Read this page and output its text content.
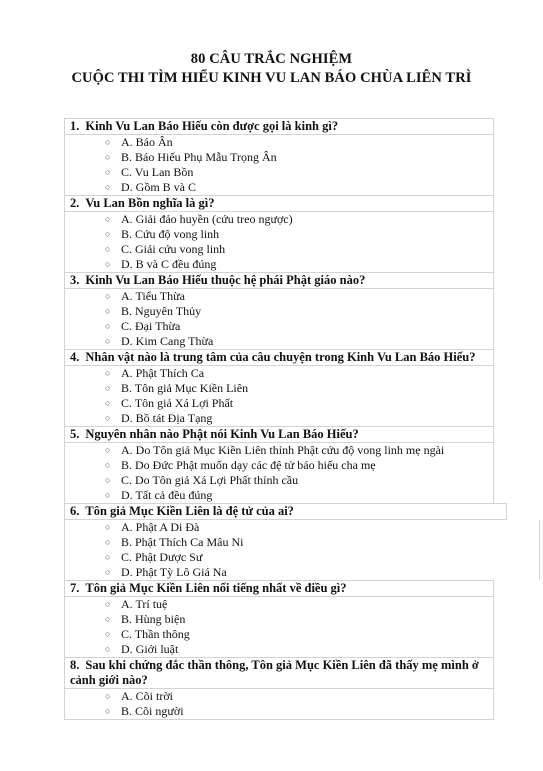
80 CÂU TRẮC NGHIỆM
CUỘC THI TÌM HIỂU KINH VU LAN BÁO CHÙA LIÊN TRÌ
1. Kinh Vu Lan Báo Hiếu còn được gọi là kinh gì?
○ A. Báo Ân
○ B. Báo Hiếu Phụ Mẫu Trọng Ân
○ C. Vu Lan Bồn
○ D. Gồm B và C
2. Vu Lan Bồn nghĩa là gì?
○ A. Giải đảo huyền (cứu treo ngược)
○ B. Cứu độ vong linh
○ C. Giải cứu vong linh
○ D. B và C đều đúng
3. Kinh Vu Lan Báo Hiếu thuộc hệ phái Phật giáo nào?
○ A. Tiểu Thừa
○ B. Nguyên Thủy
○ C. Đại Thừa
○ D. Kim Cang Thừa
4. Nhân vật nào là trung tâm của câu chuyện trong Kinh Vu Lan Báo Hiếu?
○ A. Phật Thích Ca
○ B. Tôn giả Mục Kiền Liên
○ C. Tôn giả Xá Lợi Phất
○ D. Bồ tát Địa Tạng
5. Nguyên nhân nào Phật nói Kinh Vu Lan Báo Hiếu?
○ A. Do Tôn giả Mục Kiền Liên thỉnh Phật cứu độ vong linh mẹ ngài
○ B. Do Đức Phật muốn dạy các đệ tử báo hiếu cha mẹ
○ C. Do Tôn giả Xá Lợi Phất thỉnh cầu
○ D. Tất cả đều đúng
6. Tôn giả Mục Kiền Liên là đệ tử của ai?
○ A. Phật A Di Đà
○ B. Phật Thích Ca Mâu Ni
○ C. Phật Dược Sư
○ D. Phật Tỳ Lô Giá Na
7. Tôn giả Mục Kiền Liên nổi tiếng nhất về điều gì?
○ A. Trí tuệ
○ B. Hùng biện
○ C. Thần thông
○ D. Giới luật
8. Sau khi chứng đắc thần thông, Tôn giả Mục Kiền Liên đã thấy mẹ mình ở cảnh giới nào?
○ A. Cõi trời
○ B. Cõi người
